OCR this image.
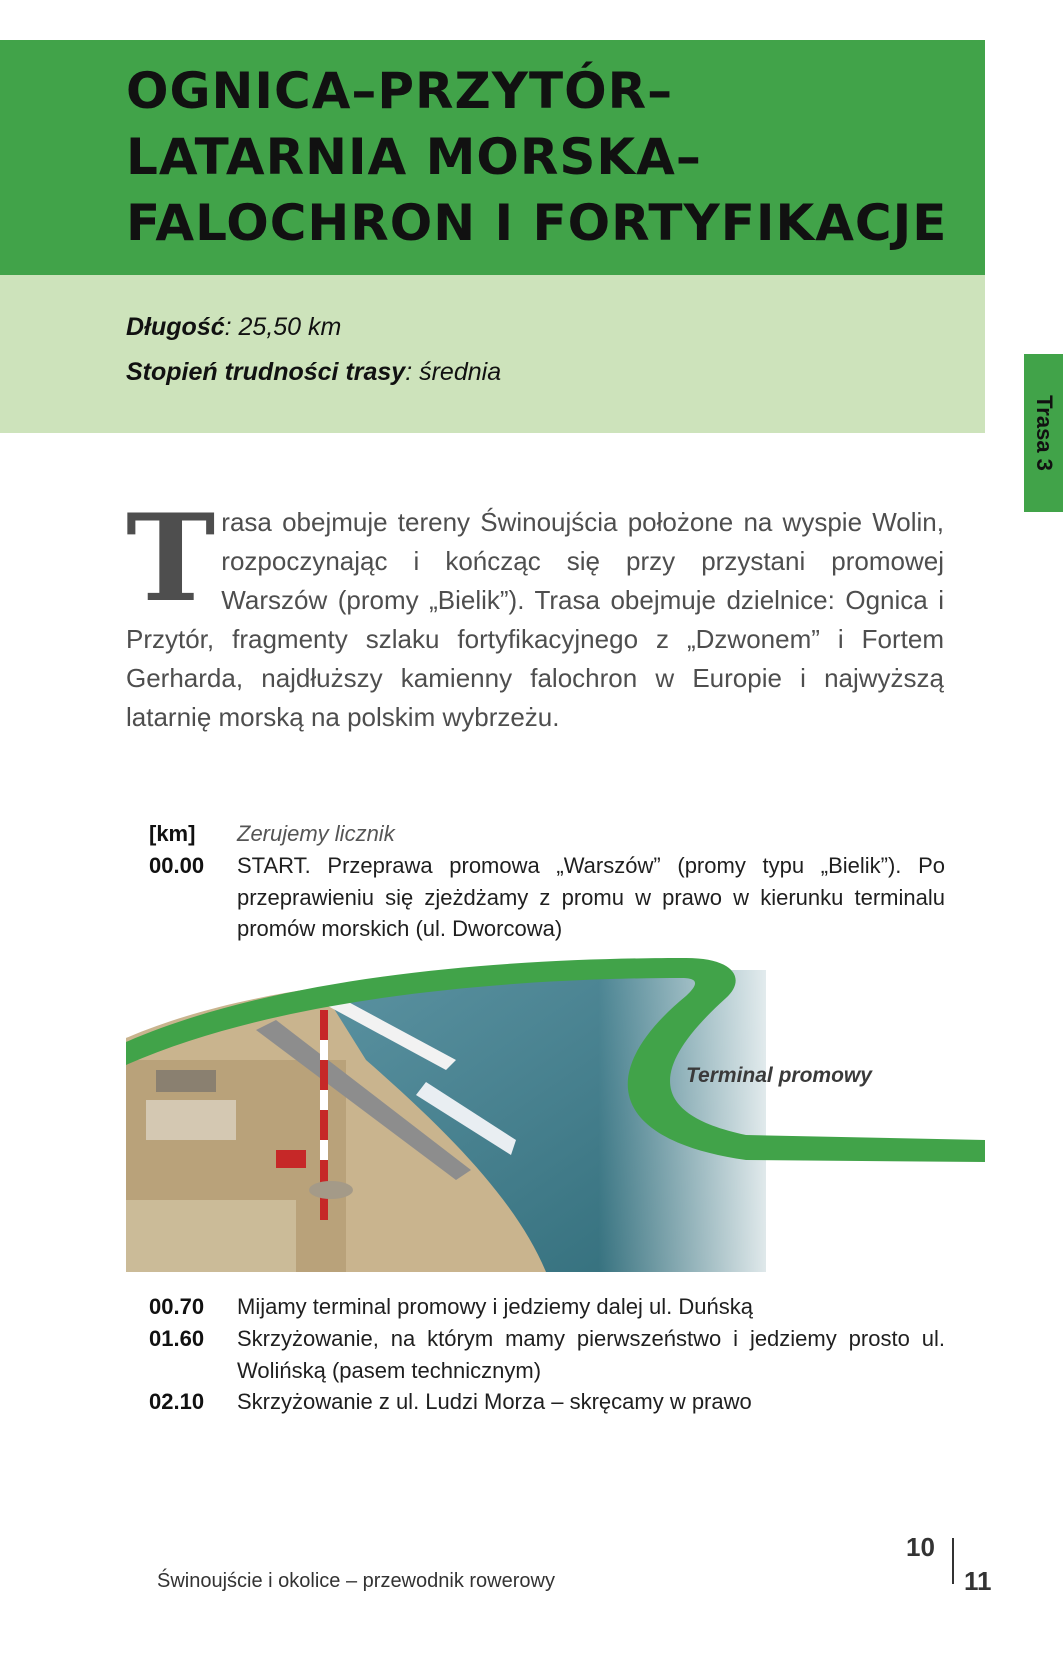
OGNICA–PRZYTÓR–
LATARNIA MORSKA–
FALOCHRON I FORTYFIKACJE
Długość: 25,50 km
Stopień trudności trasy: średnia
Trasa 3

Trasa obejmuje tereny Świnoujścia położone na wyspie Wolin, rozpoczynając i kończąc się przy przystani promowej Warszów (promy „Bielik”). Trasa obejmuje dzielnice: Ognica i Przytór, fragmenty szlaku fortyfikacyjnego z „Dzwonem” i Fortem Gerharda, najdłuższy kamienny falochron w Europie i najwyższą latarnię morską na polskim wybrzeżu.

[km] Zerujemy licznik
00.00 START. Przeprawa promowa „Warszów” (promy typu „Bielik”). Po przeprawieniu się zjeżdżamy z promu w prawo w kierunku terminalu promów morskich (ul. Dworcowa)
Terminal promowy
00.70 Mijamy terminal promowy i jedziemy dalej ul. Duńską
01.60 Skrzyżowanie, na którym mamy pierwszeństwo i jedziemy prosto ul. Wolińską (pasem technicznym)
02.10 Skrzyżowanie z ul. Ludzi Morza – skręcamy w prawo
Świnoujście i okolice – przewodnik rowerowy
10
11
